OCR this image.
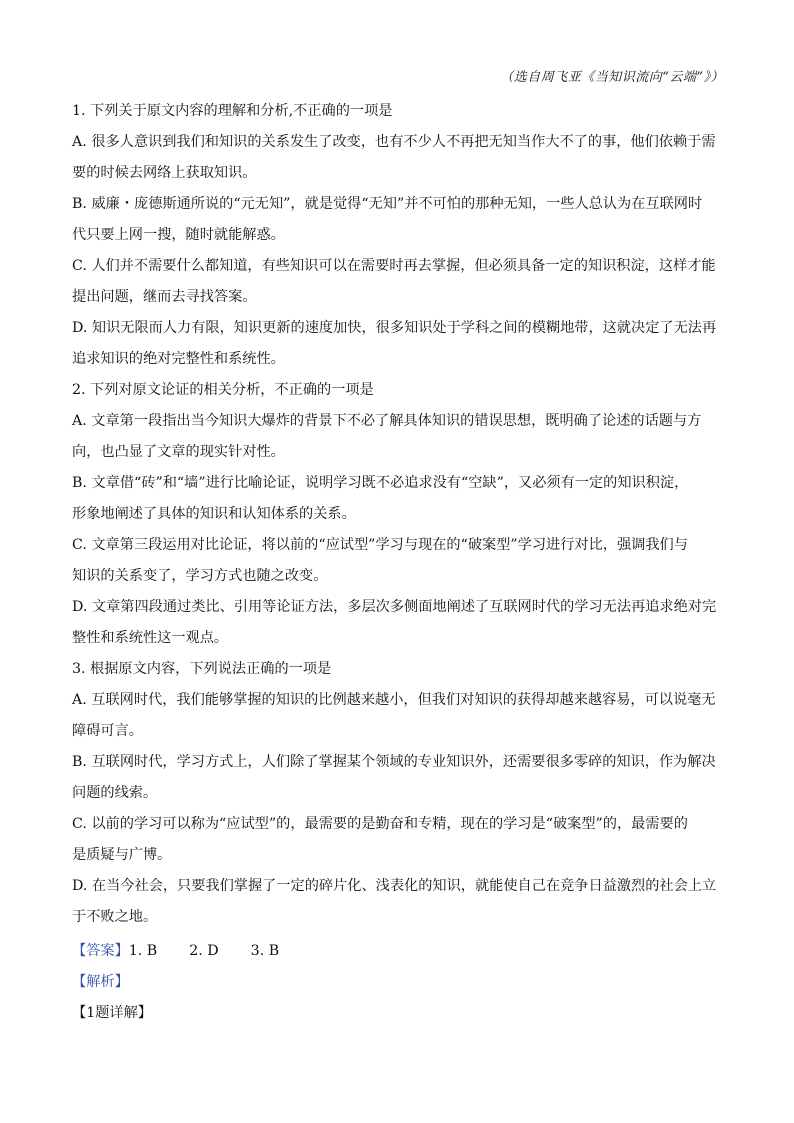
（选自周飞亚《当知识流向“云端”》）
1. 下列关于原文内容的理解和分析,不正确的一项是
A. 很多人意识到我们和知识的关系发生了改变，也有不少人不再把无知当作大不了的事，他们依赖于需
要的时候去网络上获取知识。
B. 威廉・庞德斯通所说的“元无知”，就是觉得“无知”并不可怕的那种无知，一些人总认为在互联网时
代只要上网一搜，随时就能解惑。
C. 人们并不需要什么都知道，有些知识可以在需要时再去掌握，但必须具备一定的知识积淀，这样才能
提出问题，继而去寻找答案。
D. 知识无限而人力有限，知识更新的速度加快，很多知识处于学科之间的模糊地带，这就决定了无法再
追求知识的绝对完整性和系统性。
2. 下列对原文论证的相关分析，不正确的一项是
A. 文章第一段指出当今知识大爆炸的背景下不必了解具体知识的错误思想，既明确了论述的话题与方
向，也凸显了文章的现实针对性。
B. 文章借“砖”和“墙”进行比喻论证，说明学习既不必追求没有“空缺”，又必须有一定的知识积淀，
形象地阐述了具体的知识和认知体系的关系。
C. 文章第三段运用对比论证，将以前的“应试型”学习与现在的“破案型”学习进行对比，强调我们与
知识的关系变了，学习方式也随之改变。
D. 文章第四段通过类比、引用等论证方法，多层次多侧面地阐述了互联网时代的学习无法再追求绝对完
整性和系统性这一观点。
3. 根据原文内容，下列说法正确的一项是
A. 互联网时代，我们能够掌握的知识的比例越来越小，但我们对知识的获得却越来越容易，可以说毫无
障碍可言。
B. 互联网时代，学习方式上，人们除了掌握某个领域的专业知识外，还需要很多零碎的知识，作为解决
问题的线索。
C. 以前的学习可以称为“应试型”的，最需要的是勤奋和专精，现在的学习是“破案型”的，最需要的
是质疑与广博。
D. 在当今社会，只要我们掌握了一定的碎片化、浅表化的知识，就能使自己在竞争日益激烈的社会上立
于不败之地。
【答案】1. B 2. D 3. B
【解析】
【1题详解】
